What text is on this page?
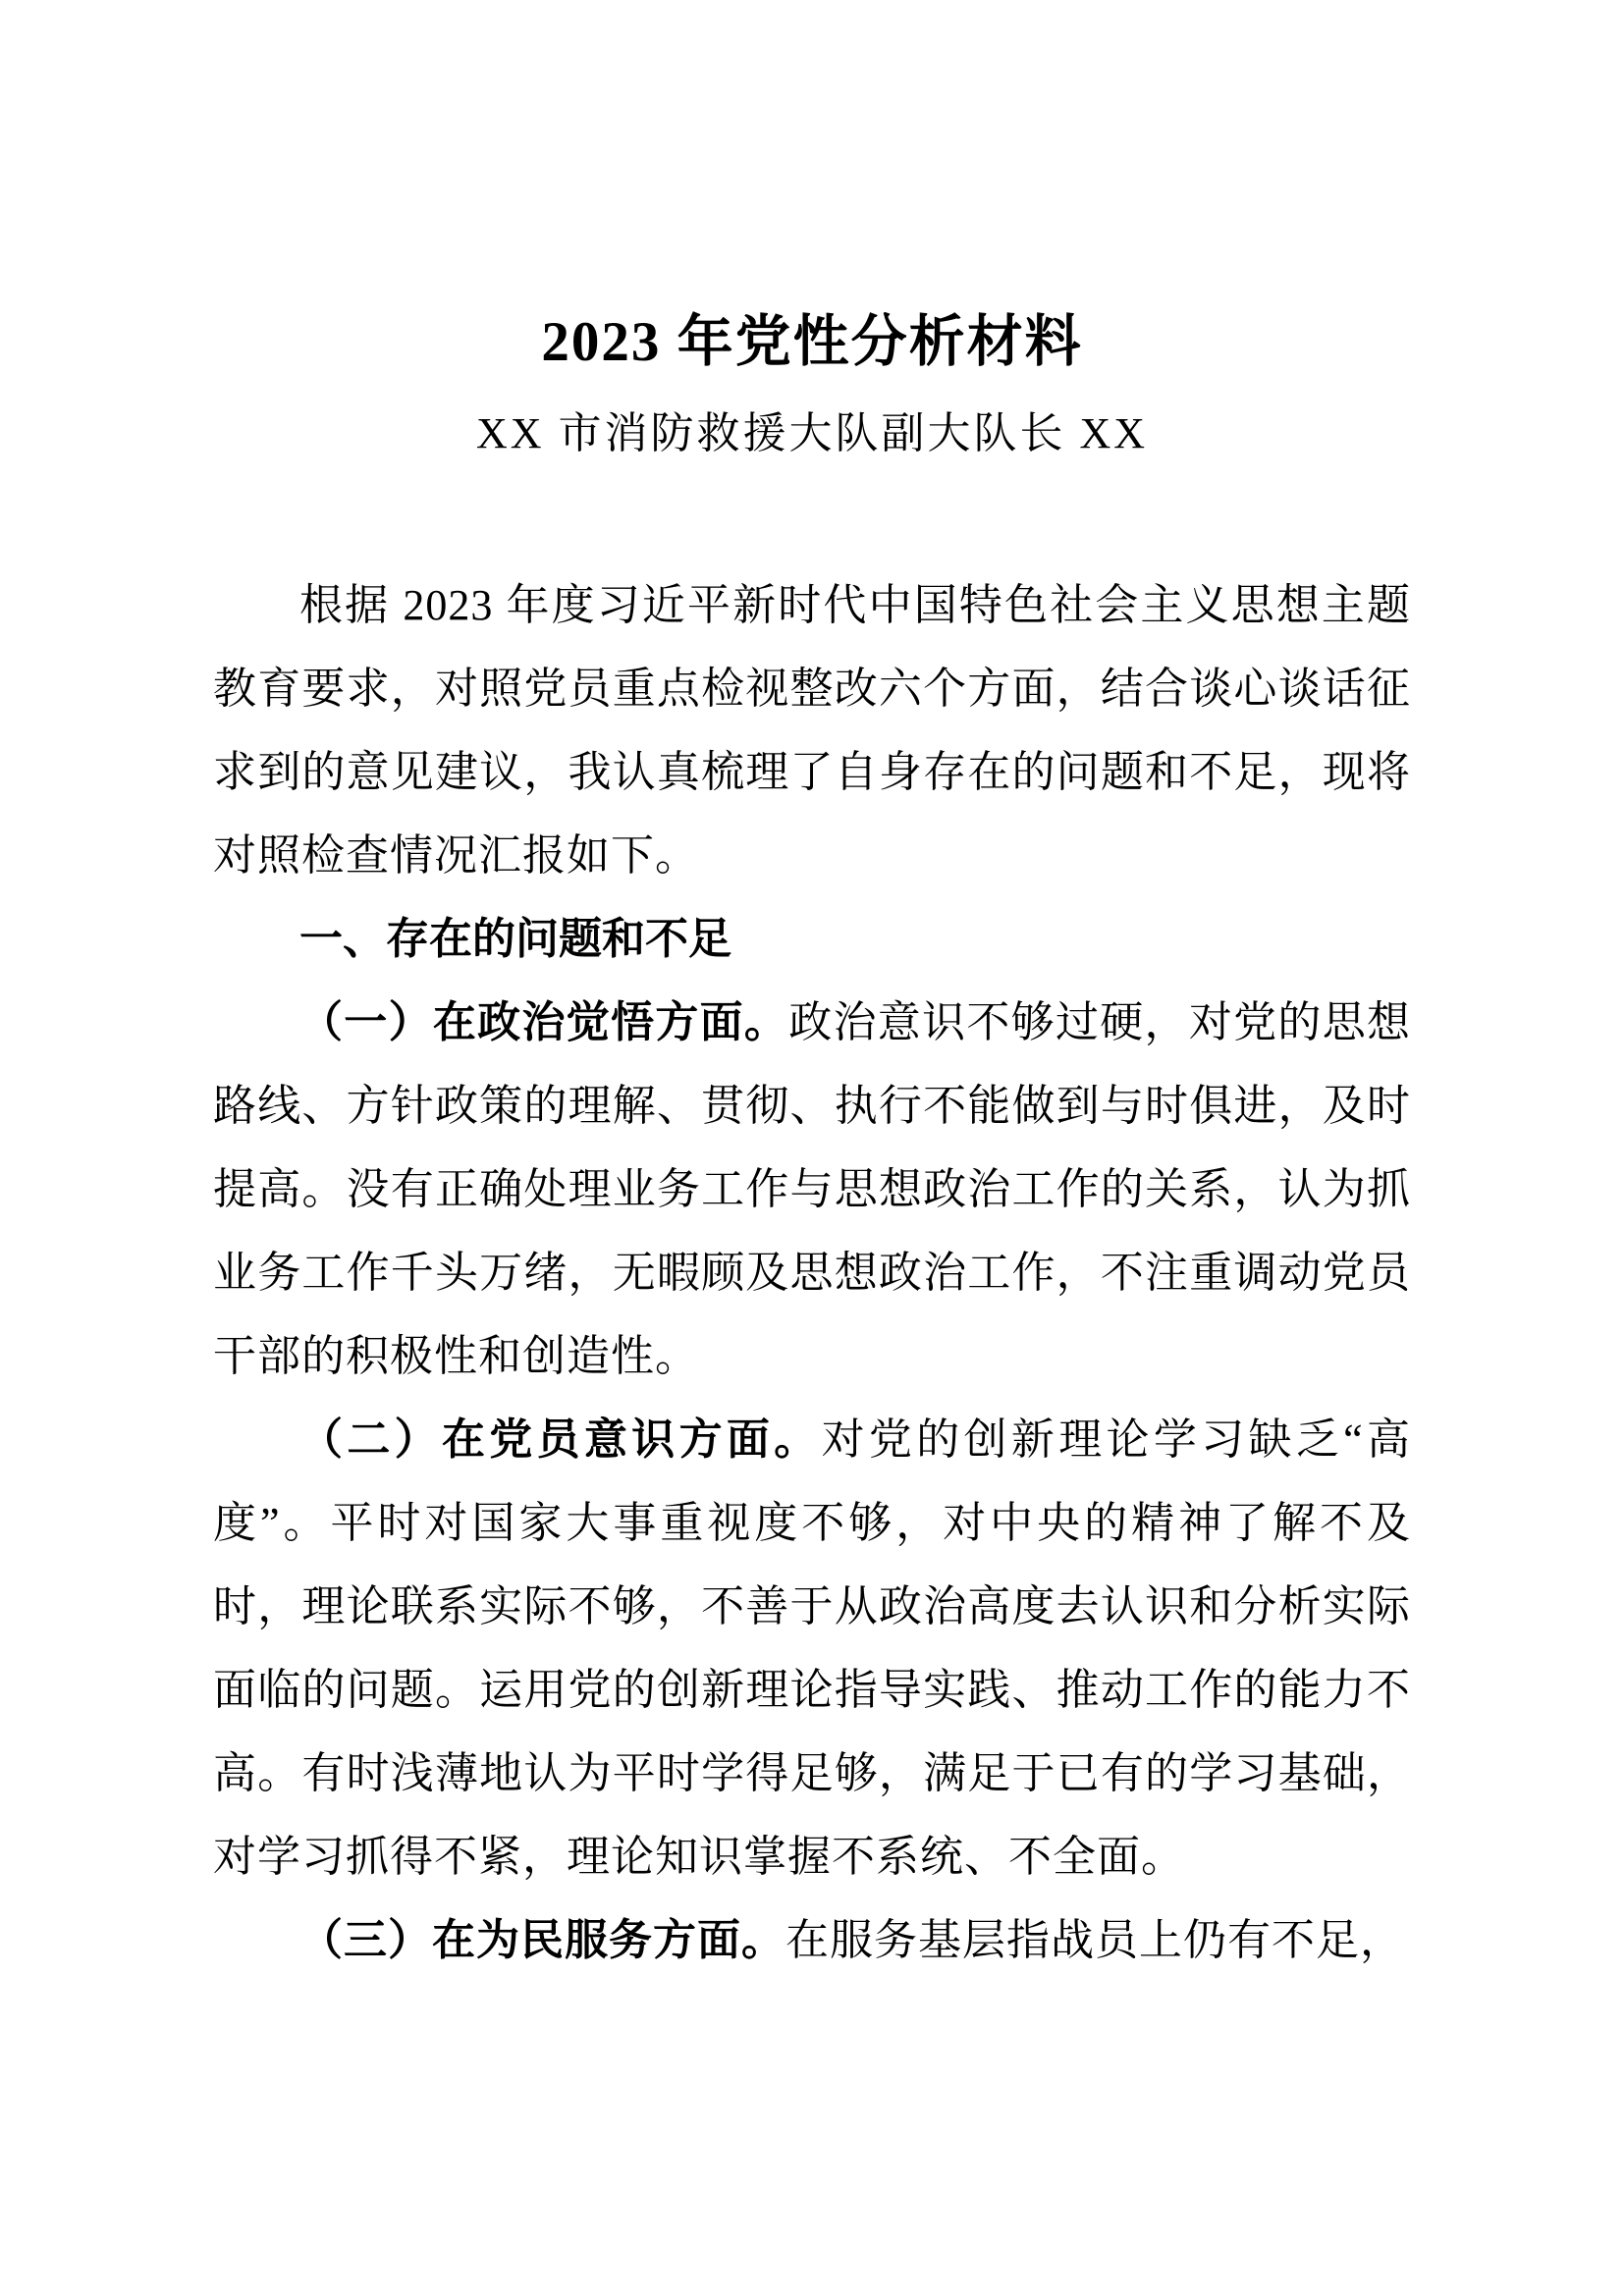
2023 年党性分析材料
XX 市消防救援大队副大队长 XX

根据 2023 年度习近平新时代中国特色社会主义思想主题教育要求，对照党员重点检视整改六个方面，结合谈心谈话征求到的意见建议，我认真梳理了自身存在的问题和不足，现将对照检查情况汇报如下。

一、存在的问题和不足

（一）在政治觉悟方面。政治意识不够过硬，对党的思想路线、方针政策的理解、贯彻、执行不能做到与时俱进，及时提高。没有正确处理业务工作与思想政治工作的关系，认为抓业务工作千头万绪，无暇顾及思想政治工作，不注重调动党员干部的积极性和创造性。

（二）在党员意识方面。对党的创新理论学习缺乏“高度”。平时对国家大事重视度不够，对中央的精神了解不及时，理论联系实际不够，不善于从政治高度去认识和分析实际面临的问题。运用党的创新理论指导实践、推动工作的能力不高。有时浅薄地认为平时学得足够，满足于已有的学习基础，对学习抓得不紧，理论知识掌握不系统、不全面。

（三）在为民服务方面。在服务基层指战员上仍有不足，
